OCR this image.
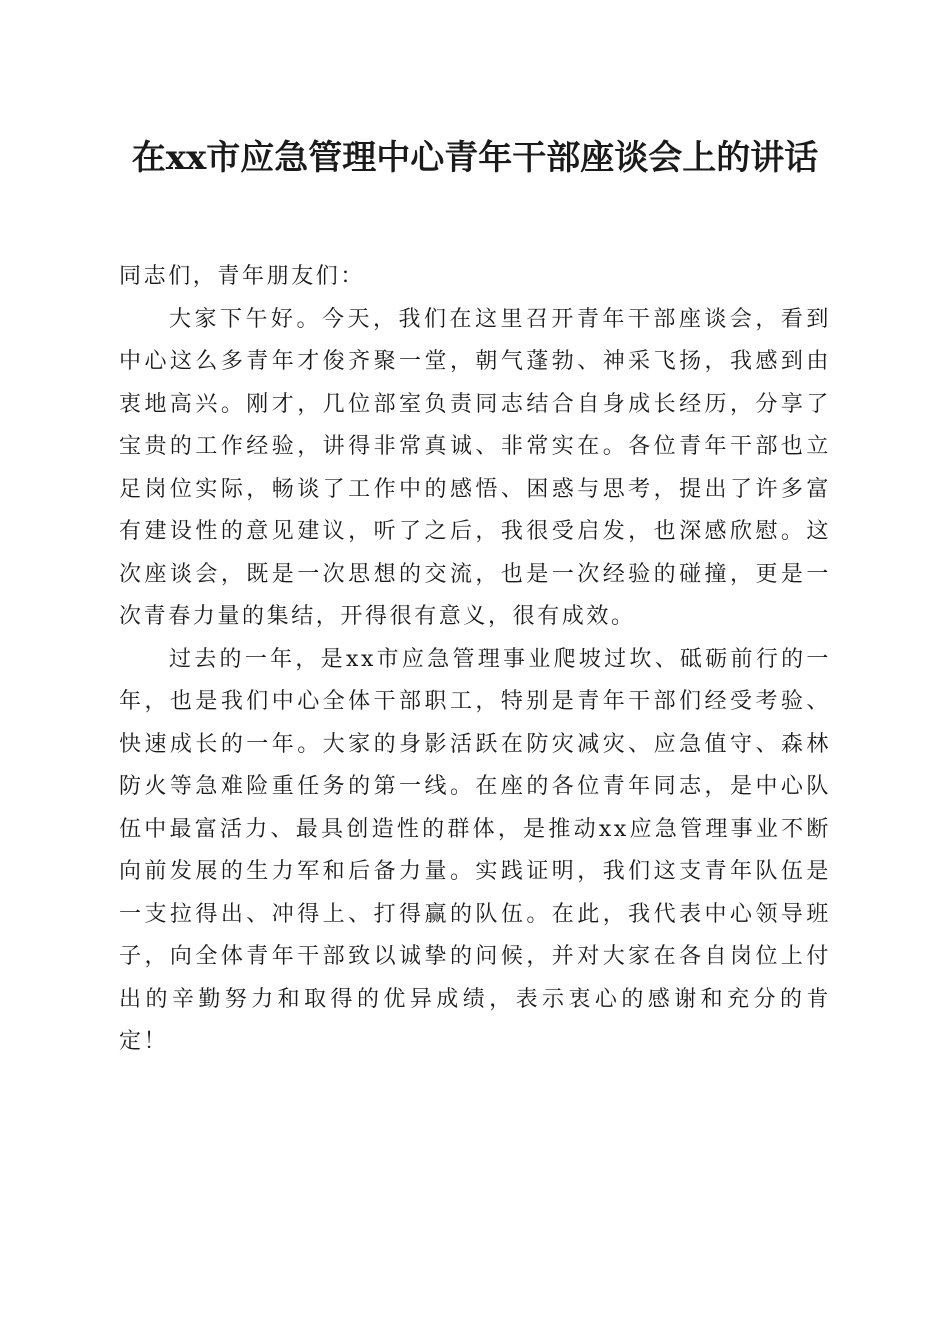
在xx市应急管理中心青年干部座谈会上的讲话

同志们，青年朋友们：

大家下午好。今天，我们在这里召开青年干部座谈会，看到中心这么多青年才俊齐聚一堂，朝气蓬勃、神采飞扬，我感到由衷地高兴。刚才，几位部室负责同志结合自身成长经历，分享了宝贵的工作经验，讲得非常真诚、非常实在。各位青年干部也立足岗位实际，畅谈了工作中的感悟、困惑与思考，提出了许多富有建设性的意见建议，听了之后，我很受启发，也深感欣慰。这次座谈会，既是一次思想的交流，也是一次经验的碰撞，更是一次青春力量的集结，开得很有意义，很有成效。

过去的一年，是xx市应急管理事业爬坡过坎、砥砺前行的一年，也是我们中心全体干部职工，特别是青年干部们经受考验、快速成长的一年。大家的身影活跃在防灾减灾、应急值守、森林防火等急难险重任务的第一线。在座的各位青年同志，是中心队伍中最富活力、最具创造性的群体，是推动xx应急管理事业不断向前发展的生力军和后备力量。实践证明，我们这支青年队伍是一支拉得出、冲得上、打得赢的队伍。在此，我代表中心领导班子，向全体青年干部致以诚挚的问候，并对大家在各自岗位上付出的辛勤努力和取得的优异成绩，表示衷心的感谢和充分的肯定！
